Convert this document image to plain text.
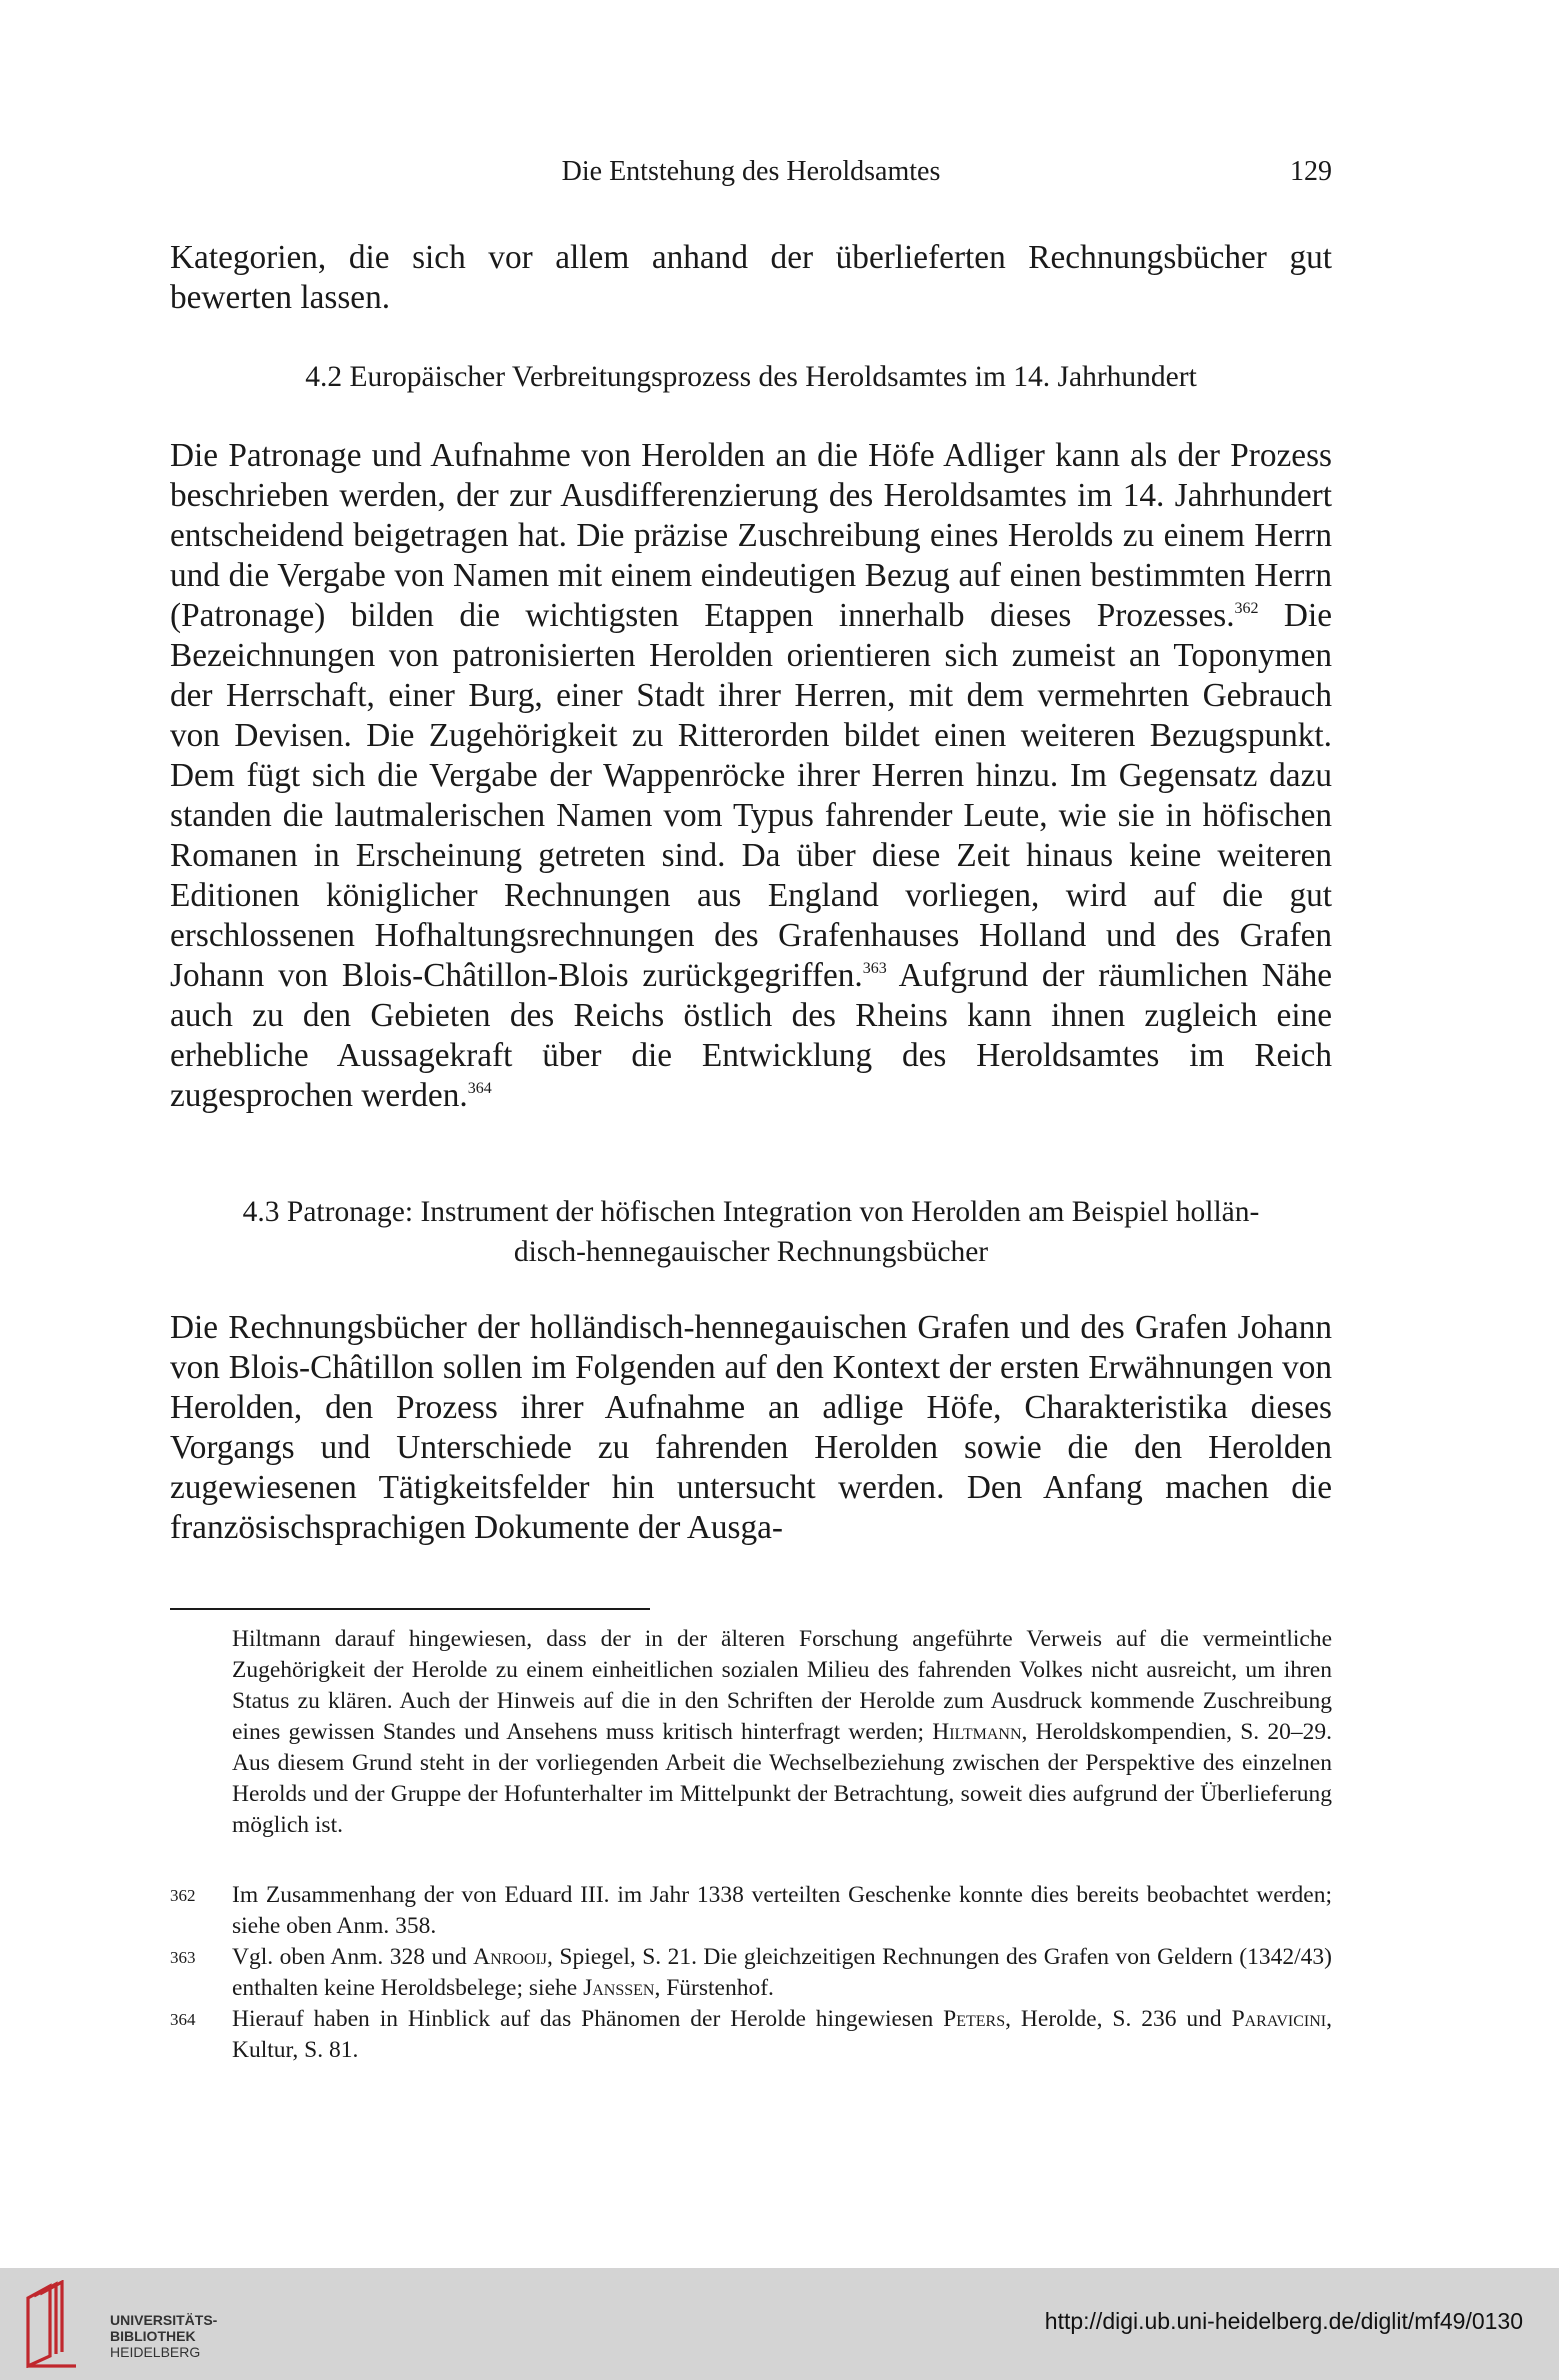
Die Entstehung des Heroldsamtes	129

Kategorien, die sich vor allem anhand der überlieferten Rechnungsbücher gut bewerten lassen.

4.2 Europäischer Verbreitungsprozess des Heroldsamtes im 14. Jahrhundert

Die Patronage und Aufnahme von Herolden an die Höfe Adliger kann als der Prozess beschrieben werden, der zur Ausdifferenzierung des Heroldsamtes im 14. Jahrhundert entscheidend beigetragen hat. Die präzise Zuschreibung eines Herolds zu einem Herrn und die Vergabe von Namen mit einem eindeutigen Bezug auf einen bestimmten Herrn (Patronage) bilden die wichtigsten Etappen innerhalb dieses Prozesses.$^{362}$ Die Bezeichnungen von patronisierten Herolden orientieren sich zumeist an Toponymen der Herrschaft, einer Burg, einer Stadt ihrer Herren, mit dem vermehrten Gebrauch von Devisen. Die Zugehörigkeit zu Ritterorden bildet einen weiteren Bezugspunkt. Dem fügt sich die Vergabe der Wappenröcke ihrer Herren hinzu. Im Gegensatz dazu standen die lautmalerischen Namen vom Typus fahrender Leute, wie sie in höfischen Romanen in Erscheinung getreten sind. Da über diese Zeit hinaus keine weiteren Editionen königlicher Rechnungen aus England vorliegen, wird auf die gut erschlossenen Hofhaltungsrechnungen des Grafenhauses Holland und des Grafen Johann von Blois-Châtillon-Blois zurückgegriffen.$^{363}$ Aufgrund der räumlichen Nähe auch zu den Gebieten des Reichs östlich des Rheins kann ihnen zugleich eine erhebliche Aussagekraft über die Entwicklung des Heroldsamtes im Reich zugesprochen werden.$^{364}$

4.3 Patronage: Instrument der höfischen Integration von Herolden am Beispiel hollän-
disch-hennegauischer Rechnungsbücher

Die Rechnungsbücher der holländisch-hennegauischen Grafen und des Grafen Johann von Blois-Châtillon sollen im Folgenden auf den Kontext der ersten Erwähnungen von Herolden, den Prozess ihrer Aufnahme an adlige Höfe, Charakteristika dieses Vorgangs und Unterschiede zu fahrenden Herolden sowie die den Herolden zugewiesenen Tätigkeitsfelder hin untersucht werden. Den Anfang machen die französischsprachigen Dokumente der Ausga-

Hiltmann darauf hingewiesen, dass der in der älteren Forschung angeführte Verweis auf die vermeintliche Zugehörigkeit der Herolde zu einem einheitlichen sozialen Milieu des fahrenden Volkes nicht ausreicht, um ihren Status zu klären. Auch der Hinweis auf die in den Schriften der Herolde zum Ausdruck kommende Zuschreibung eines gewissen Standes und Ansehens muss kritisch hinterfragt werden; Hiltmann, Heroldskompendien, S. 20–29. Aus diesem Grund steht in der vorliegenden Arbeit die Wechselbeziehung zwischen der Perspektive des einzelnen Herolds und der Gruppe der Hofunterhalter im Mittelpunkt der Betrachtung, soweit dies aufgrund der Überlieferung möglich ist.

362 Im Zusammenhang der von Eduard III. im Jahr 1338 verteilten Geschenke konnte dies bereits beobachtet werden; siehe oben Anm. 358.

363 Vgl. oben Anm. 328 und Anrooij, Spiegel, S. 21. Die gleichzeitigen Rechnungen des Grafen von Geldern (1342/43) enthalten keine Heroldsbelege; siehe Janssen, Fürstenhof.

364 Hierauf haben in Hinblick auf das Phänomen der Herolde hingewiesen Peters, Herolde, S. 236 und Paravicini, Kultur, S. 81.

UNIVERSITÄTS-
BIBLIOTHEK
HEIDELBERG
http://digi.ub.uni-heidelberg.de/diglit/mf49/0130
